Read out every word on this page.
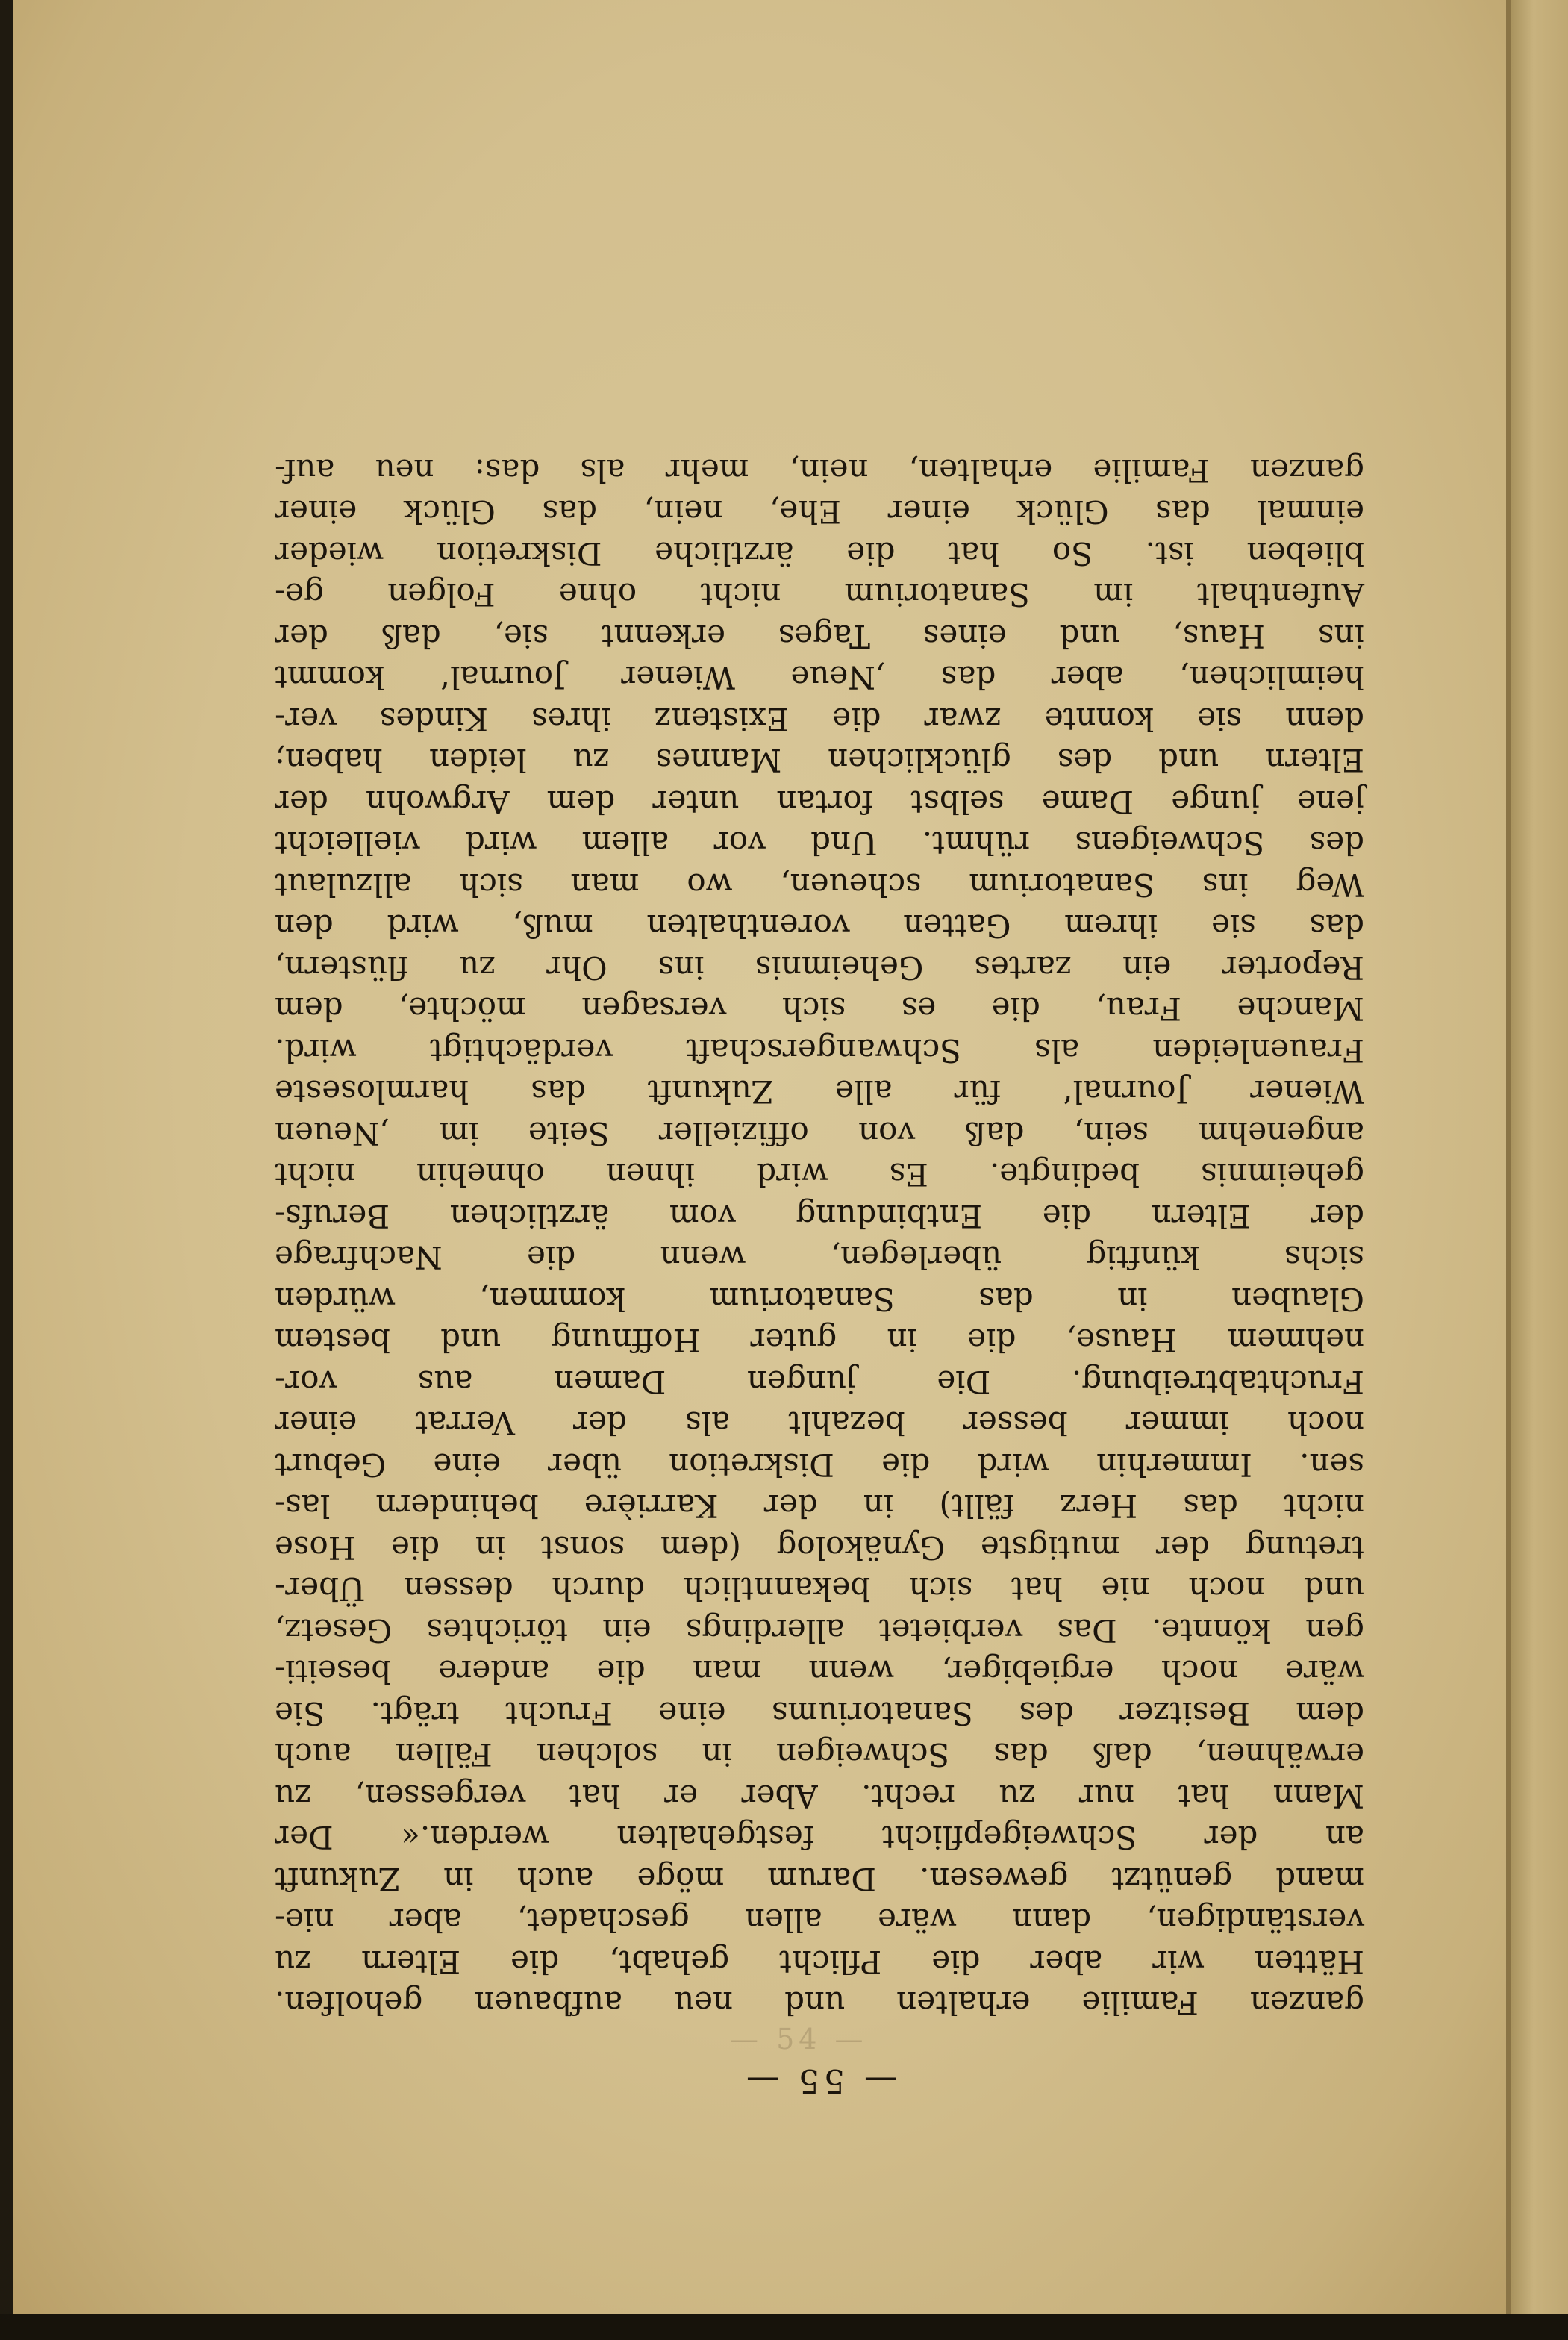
— 54 —
— 55 —
ganzen Familie erhalten und neu aufbauen geholfen.
Hätten wir aber die Pflicht gehabt, die Eltern zu
verständigen, dann wäre allen geschadet, aber nie-
mand genützt gewesen. Darum möge auch in Zukunft
an der Schweigepflicht festgehalten werden.« Der
Mann hat nur zu recht. Aber er hat vergessen, zu
erwähnen, daß das Schweigen in solchen Fällen auch
dem Besitzer des Sanatoriums eine Frucht trägt. Sie
wäre noch ergiebiger, wenn man die andere beseiti-
gen könnte. Das verbietet allerdings ein törichtes Gesetz,
und noch nie hat sich bekanntlich durch dessen Über-
tretung der mutigste Gynäkolog (dem sonst in die Hose
nicht das Herz fällt) in der Karrière behindern las-
sen. Immerhin wird die Diskretion über eine Geburt
noch immer besser bezahlt als der Verrat einer
Fruchtabtreibung. Die jungen Damen aus vor-
nehmem Hause, die in guter Hoffnung und bestem
Glauben in das Sanatorium kommen, würden
sichs künftig überlegen, wenn die Nachfrage
der Eltern die Entbindung vom ärztlichen Berufs-
geheimnis bedingte. Es wird ihnen ohnehin nicht
angenehm sein, daß von offizieller Seite im ‚Neuen
Wiener Journal‘ für alle Zukunft das harmloseste
Frauenleiden als Schwangerschaft verdächtigt wird.
Manche Frau, die es sich versagen möchte, dem
Reporter ein zartes Geheimnis ins Ohr zu flüstern,
das sie ihrem Gatten vorenthalten muß, wird den
Weg ins Sanatorium scheuen, wo man sich allzulaut
des Schweigens rühmt. Und vor allem wird vielleicht
jene junge Dame selbst fortan unter dem Argwohn der
Eltern und des glücklichen Mannes zu leiden haben;
denn sie konnte zwar die Existenz ihres Kindes ver-
heimlichen, aber das ‚Neue Wiener Journal‘ kommt
ins Haus, und eines Tages erkennt sie, daß der
Aufenthalt im Sanatorium nicht ohne Folgen ge-
blieben ist. So hat die ärztliche Diskretion wieder
einmal das Glück einer Ehe, nein, das Glück einer
ganzen Familie erhalten, nein, mehr als das: neu auf-
